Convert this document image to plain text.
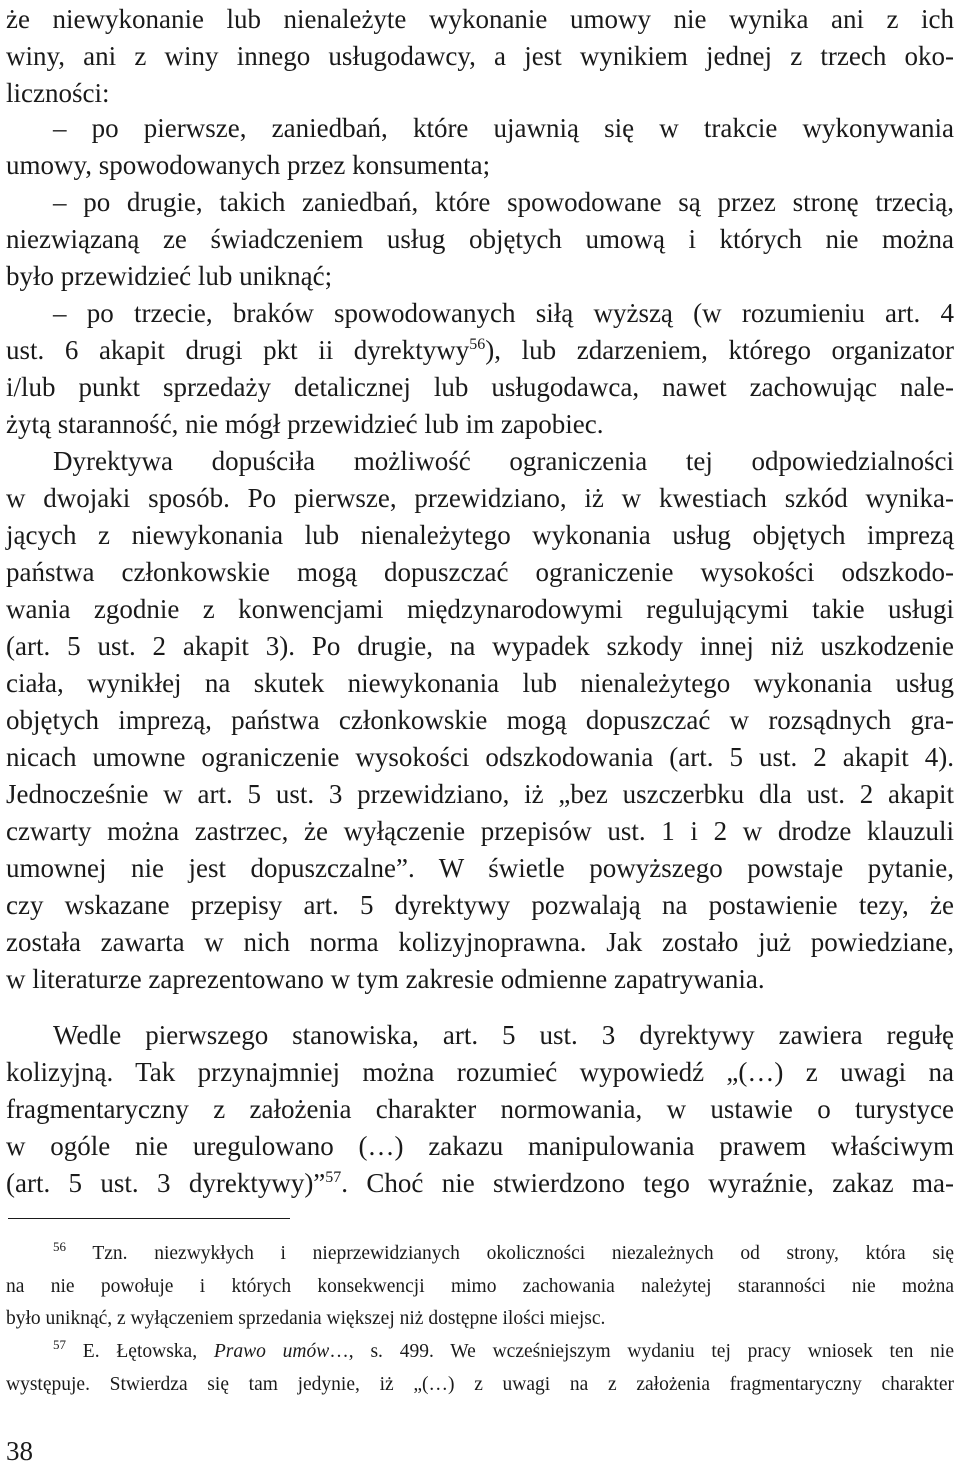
że niewykonanie lub nienależyte wykonanie umowy nie wynika ani z ich
winy, ani z winy innego usługodawcy, a jest wynikiem jednej z trzech oko-
liczności:
– po pierwsze, zaniedbań, które ujawnią się w trakcie wykonywania
umowy, spowodowanych przez konsumenta;
– po drugie, takich zaniedbań, które spowodowane są przez stronę trzecią,
niezwiązaną ze świadczeniem usług objętych umową i których nie można
było przewidzieć lub uniknąć;
– po trzecie, braków spowodowanych siłą wyższą (w rozumieniu art. 4
ust. 6 akapit drugi pkt ii dyrektywy$^{56}$), lub zdarzeniem, którego organizator
i/lub punkt sprzedaży detalicznej lub usługodawca, nawet zachowując nale-
żytą staranność, nie mógł przewidzieć lub im zapobiec.
Dyrektywa dopuściła możliwość ograniczenia tej odpowiedzialności
w dwojaki sposób. Po pierwsze, przewidziano, iż w kwestiach szkód wynika-
jących z niewykonania lub nienależytego wykonania usług objętych imprezą
państwa członkowskie mogą dopuszczać ograniczenie wysokości odszkodo-
wania zgodnie z konwencjami międzynarodowymi regulującymi takie usługi
(art. 5 ust. 2 akapit 3). Po drugie, na wypadek szkody innej niż uszkodzenie
ciała, wynikłej na skutek niewykonania lub nienależytego wykonania usług
objętych imprezą, państwa członkowskie mogą dopuszczać w rozsądnych gra-
nicach umowne ograniczenie wysokości odszkodowania (art. 5 ust. 2 akapit 4).
Jednocześnie w art. 5 ust. 3 przewidziano, iż „bez uszczerbku dla ust. 2 akapit
czwarty można zastrzec, że wyłączenie przepisów ust. 1 i 2 w drodze klauzuli
umownej nie jest dopuszczalne”. W świetle powyższego powstaje pytanie,
czy wskazane przepisy art. 5 dyrektywy pozwalają na postawienie tezy, że
została zawarta w nich norma kolizyjnoprawna. Jak zostało już powiedziane,
w literaturze zaprezentowano w tym zakresie odmienne zapatrywania.
Wedle pierwszego stanowiska, art. 5 ust. 3 dyrektywy zawiera regułę
kolizyjną. Tak przynajmniej można rozumieć wypowiedź „(…) z uwagi na
fragmentaryczny z założenia charakter normowania, w ustawie o turystyce
w ogóle nie uregulowano (…) zakazu manipulowania prawem właściwym
(art. 5 ust. 3 dyrektywy)”$^{57}$. Choć nie stwierdzono tego wyraźnie, zakaz ma-
$^{56}$ Tzn. niezwykłych i nieprzewidzianych okoliczności niezależnych od strony, która się
na nie powołuje i których konsekwencji mimo zachowania należytej staranności nie można
było uniknąć, z wyłączeniem sprzedania większej niż dostępne ilości miejsc.
$^{57}$ E. Łętowska, Prawo umów…, s. 499. We wcześniejszym wydaniu tej pracy wniosek ten nie
występuje. Stwierdza się tam jedynie, iż „(…) z uwagi na z założenia fragmentaryczny charakter
38
